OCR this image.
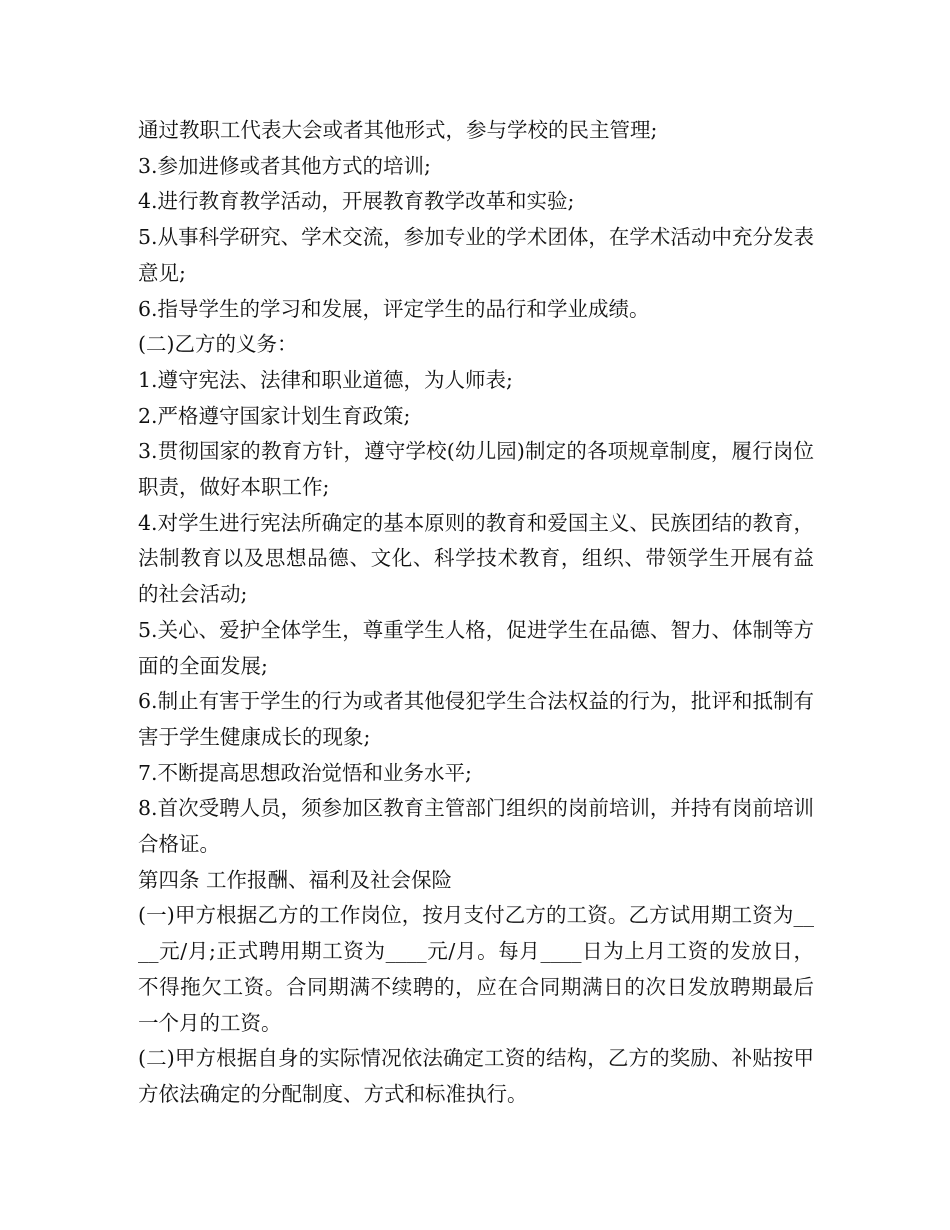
通过教职工代表大会或者其他形式，参与学校的民主管理;

3.参加进修或者其他方式的培训;

4.进行教育教学活动，开展教育教学改革和实验;

5.从事科学研究、学术交流，参加专业的学术团体，在学术活动中充分发表意见;

6.指导学生的学习和发展，评定学生的品行和学业成绩。

(二)乙方的义务：

1.遵守宪法、法律和职业道德，为人师表;

2.严格遵守国家计划生育政策;

3.贯彻国家的教育方针，遵守学校(幼儿园)制定的各项规章制度，履行岗位职责，做好本职工作;

4.对学生进行宪法所确定的基本原则的教育和爱国主义、民族团结的教育，法制教育以及思想品德、文化、科学技术教育，组织、带领学生开展有益的社会活动;

5.关心、爱护全体学生，尊重学生人格，促进学生在品德、智力、体制等方面的全面发展;

6.制止有害于学生的行为或者其他侵犯学生合法权益的行为，批评和抵制有害于学生健康成长的现象;

7.不断提高思想政治觉悟和业务水平;

8.首次受聘人员，须参加区教育主管部门组织的岗前培训，并持有岗前培训合格证。

第四条 工作报酬、福利及社会保险

(一)甲方根据乙方的工作岗位，按月支付乙方的工资。乙方试用期工资为____元/月;正式聘用期工资为____元/月。每月____日为上月工资的发放日，不得拖欠工资。合同期满不续聘的，应在合同期满日的次日发放聘期最后一个月的工资。

(二)甲方根据自身的实际情况依法确定工资的结构，乙方的奖励、补贴按甲方依法确定的分配制度、方式和标准执行。
